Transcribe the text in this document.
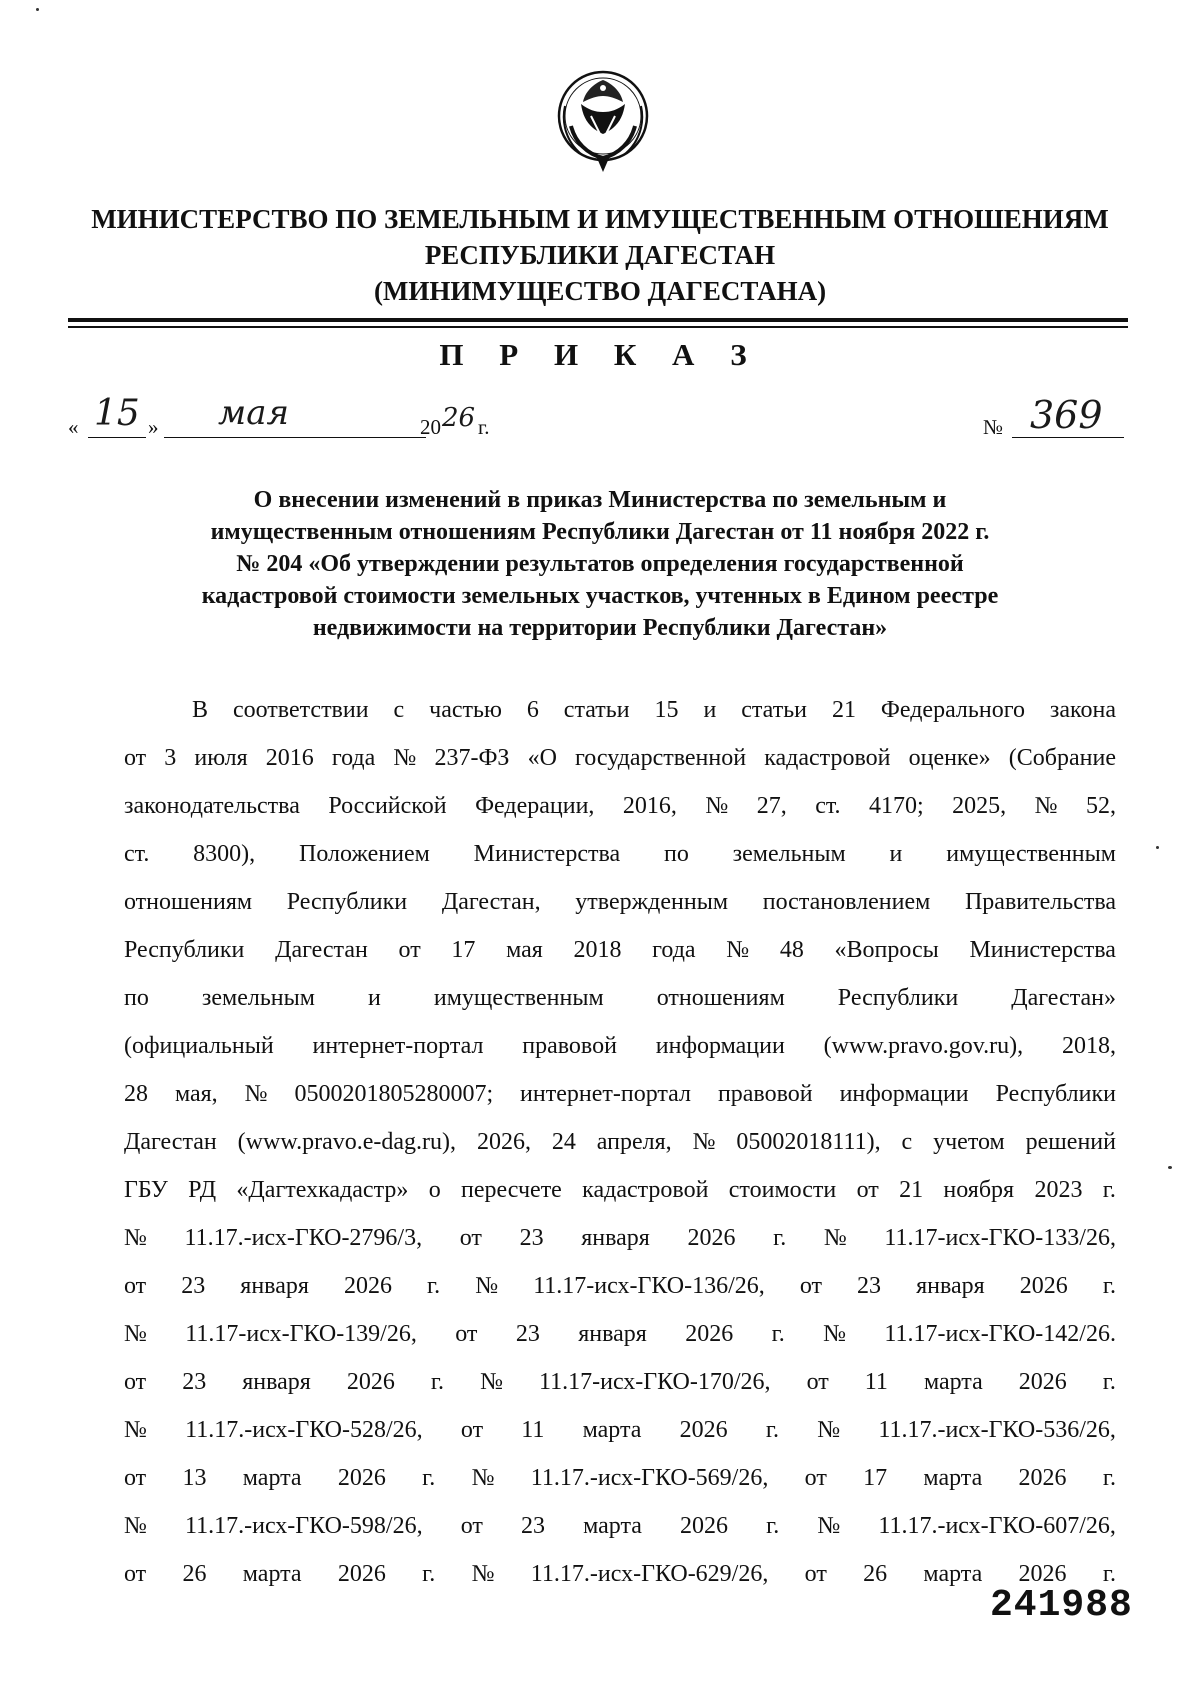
МИНИСТЕРСТВО ПО ЗЕМЕЛЬНЫМ И ИМУЩЕСТВЕННЫМ ОТНОШЕНИЯМ
РЕСПУБЛИКИ ДАГЕСТАН
(МИНИМУЩЕСТВО ДАГЕСТАНА)
П Р И К А З
« 15 » мая	20 26 г.	№ 369
О внесении изменений в приказ Министерства по земельным и
имущественным отношениям Республики Дагестан от 11 ноября 2022 г.
№ 204 «Об утверждении результатов определения государственной
кадастровой стоимости земельных участков, учтенных в Едином реестре
недвижимости на территории Республики Дагестан»
В соответствии с частью 6 статьи 15 и статьи 21 Федерального закона
от 3 июля 2016 года № 237-ФЗ «О государственной кадастровой оценке» (Собрание
законодательства Российской Федерации, 2016, № 27, ст. 4170; 2025, № 52,
ст. 8300), Положением Министерства по земельным и имущественным
отношениям Республики Дагестан, утвержденным постановлением Правительства
Республики Дагестан от 17 мая 2018 года № 48 «Вопросы Министерства
по земельным и имущественным отношениям Республики Дагестан»
(официальный интернет-портал правовой информации (www.pravo.gov.ru), 2018,
28 мая, № 0500201805280007; интернет-портал правовой информации Республики
Дагестан (www.pravo.e-dag.ru), 2026, 24 апреля, № 05002018111), с учетом решений
ГБУ РД «Дагтехкадастр» о пересчете кадастровой стоимости от 21 ноября 2023 г.
№ 11.17.-исх-ГКО-2796/3, от 23 января 2026 г. № 11.17-исх-ГКО-133/26,
от 23 января 2026 г. № 11.17-исх-ГКО-136/26, от 23 января 2026 г.
№ 11.17-исх-ГКО-139/26, от 23 января 2026 г. № 11.17-исх-ГКО-142/26.
от 23 января 2026 г. № 11.17-исх-ГКО-170/26, от 11 марта 2026 г.
№ 11.17.-исх-ГКО-528/26, от 11 марта 2026 г. № 11.17.-исх-ГКО-536/26,
от 13 марта 2026 г. № 11.17.-исх-ГКО-569/26, от 17 марта 2026 г.
№ 11.17.-исх-ГКО-598/26, от 23 марта 2026 г. № 11.17.-исх-ГКО-607/26,
от 26 марта 2026 г. № 11.17.-исх-ГКО-629/26, от 26 марта 2026 г.
241988
